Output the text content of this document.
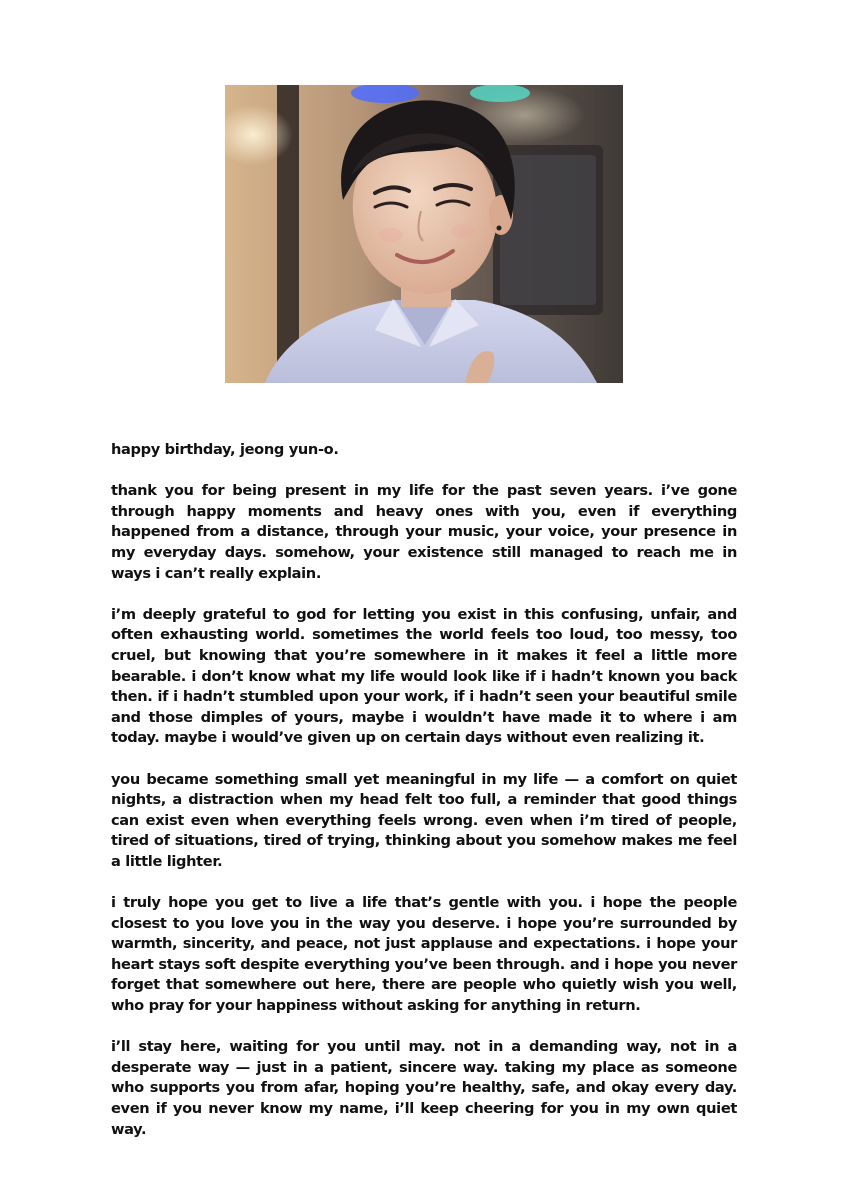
happy birthday, jeong yun-o.

thank you for being present in my life for the past seven years. i’ve gone through happy moments and heavy ones with you, even if everything happened from a distance, through your music, your voice, your presence in my everyday days. somehow, your existence still managed to reach me in ways i can’t really explain.

i’m deeply grateful to god for letting you exist in this confusing, unfair, and often exhausting world. sometimes the world feels too loud, too messy, too cruel, but knowing that you’re somewhere in it makes it feel a little more bearable. i don’t know what my life would look like if i hadn’t known you back then. if i hadn’t stumbled upon your work, if i hadn’t seen your beautiful smile and those dimples of yours, maybe i wouldn’t have made it to where i am today. maybe i would’ve given up on certain days without even realizing it.

you became something small yet meaningful in my life — a comfort on quiet nights, a distraction when my head felt too full, a reminder that good things can exist even when everything feels wrong. even when i’m tired of people, tired of situations, tired of trying, thinking about you somehow makes me feel a little lighter.

i truly hope you get to live a life that’s gentle with you. i hope the people closest to you love you in the way you deserve. i hope you’re surrounded by warmth, sincerity, and peace, not just applause and expectations. i hope your heart stays soft despite everything you’ve been through. and i hope you never forget that somewhere out here, there are people who quietly wish you well, who pray for your happiness without asking for anything in return.

i’ll stay here, waiting for you until may. not in a demanding way, not in a desperate way — just in a patient, sincere way. taking my place as someone who supports you from afar, hoping you’re healthy, safe, and okay every day. even if you never know my name, i’ll keep cheering for you in my own quiet way.
